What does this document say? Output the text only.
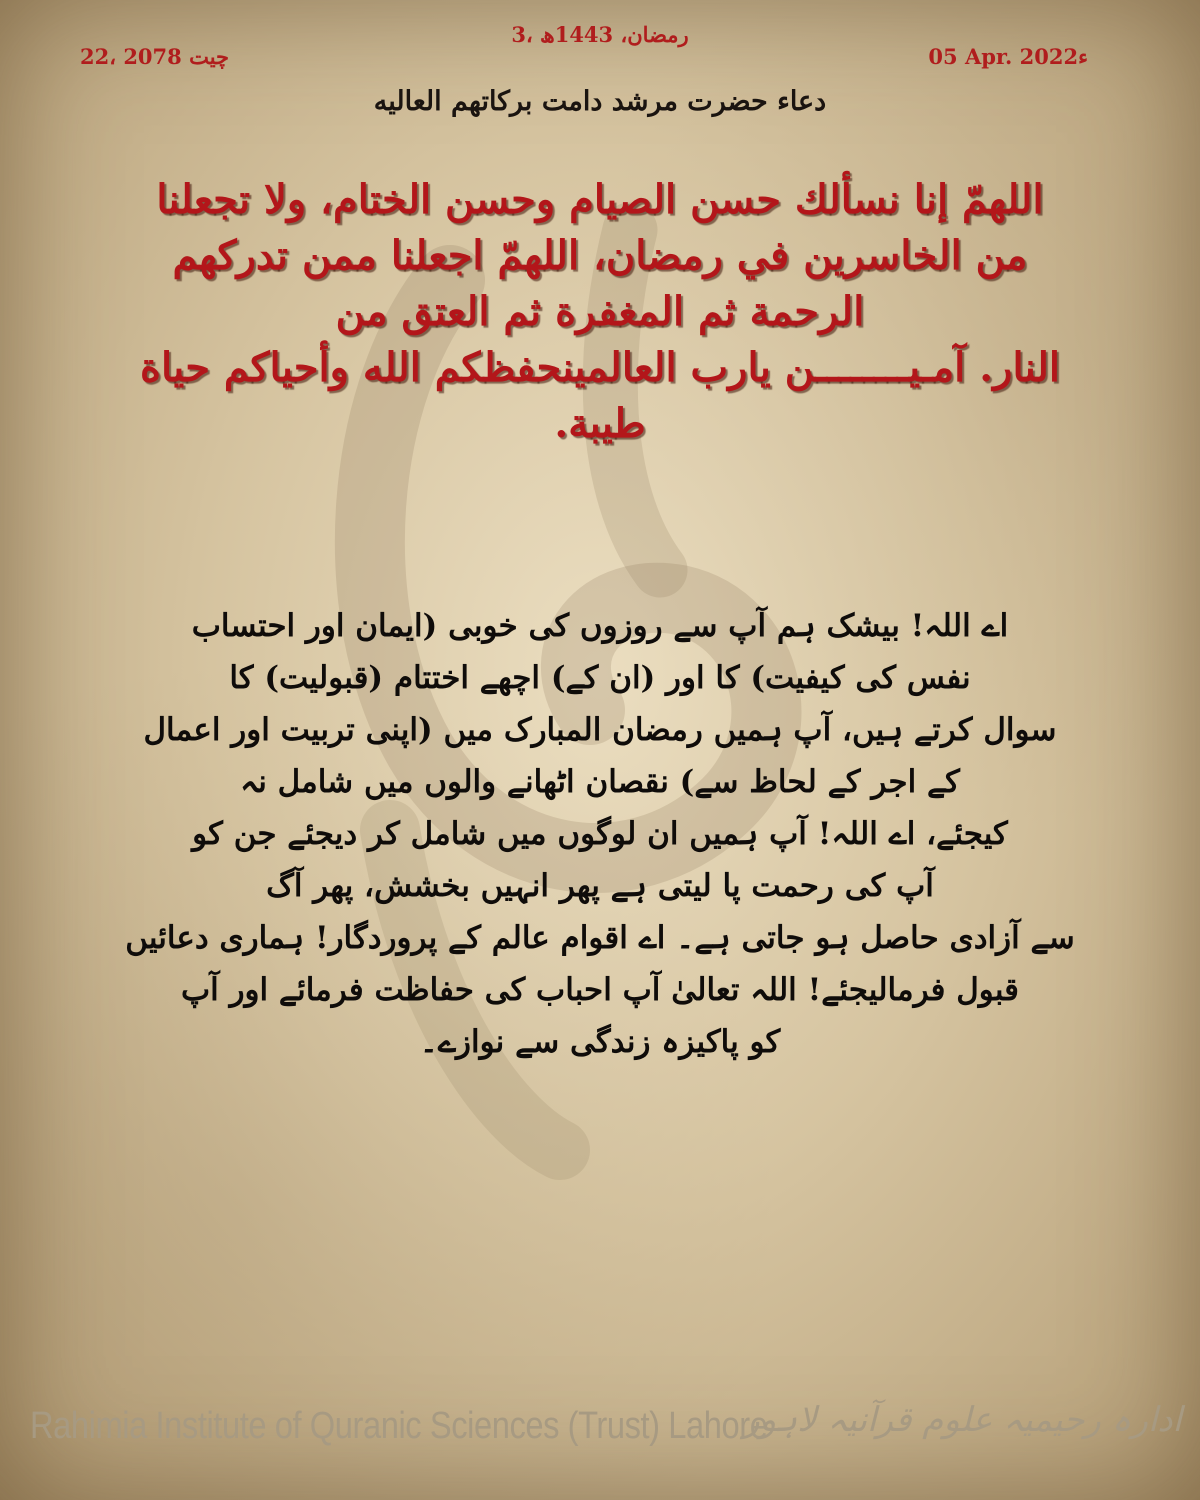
22، چیت 2078
3، رمضان، 1443ھ
05 Apr. 2022ء
دعاء حضرت مرشد دامت برکاتهم العالیه
اللهمّ إنا نسألك حسن الصيام وحسن الختام، ولا تجعلنا
من الخاسرين في رمضان، اللهمّ اجعلنا ممن تدركهم
الرحمة ثم المغفرة ثم العتق من
النار. آمـيــــــــن يارب العالمينحفظكم الله وأحياكم حياة
طيبة.
اے اللہ! بیشک ہم آپ سے روزوں کی خوبی (ایمان اور احتساب
نفس کی کیفیت) کا اور (ان کے) اچھے اختتام (قبولیت) کا
سوال کرتے ہیں، آپ ہمیں رمضان المبارک میں (اپنی تربیت اور اعمال
کے اجر کے لحاظ سے) نقصان اٹھانے والوں میں شامل نہ
کیجئے، اے اللہ! آپ ہمیں ان لوگوں میں شامل کر دیجئے جن کو
آپ کی رحمت پا لیتی ہے پھر انہیں بخشش، پھر آگ
سے آزادی حاصل ہو جاتی ہے۔ اے اقوام عالم کے پروردگار! ہماری دعائیں
قبول فرمالیجئے! اللہ تعالیٰ آپ احباب کی حفاظت فرمائے اور آپ
کو پاکیزہ زندگی سے نوازے۔
Rahimia Institute of Quranic Sciences (Trust) Lahore
ادارہ رحیمیہ علوم قرآنیہ لاہور
